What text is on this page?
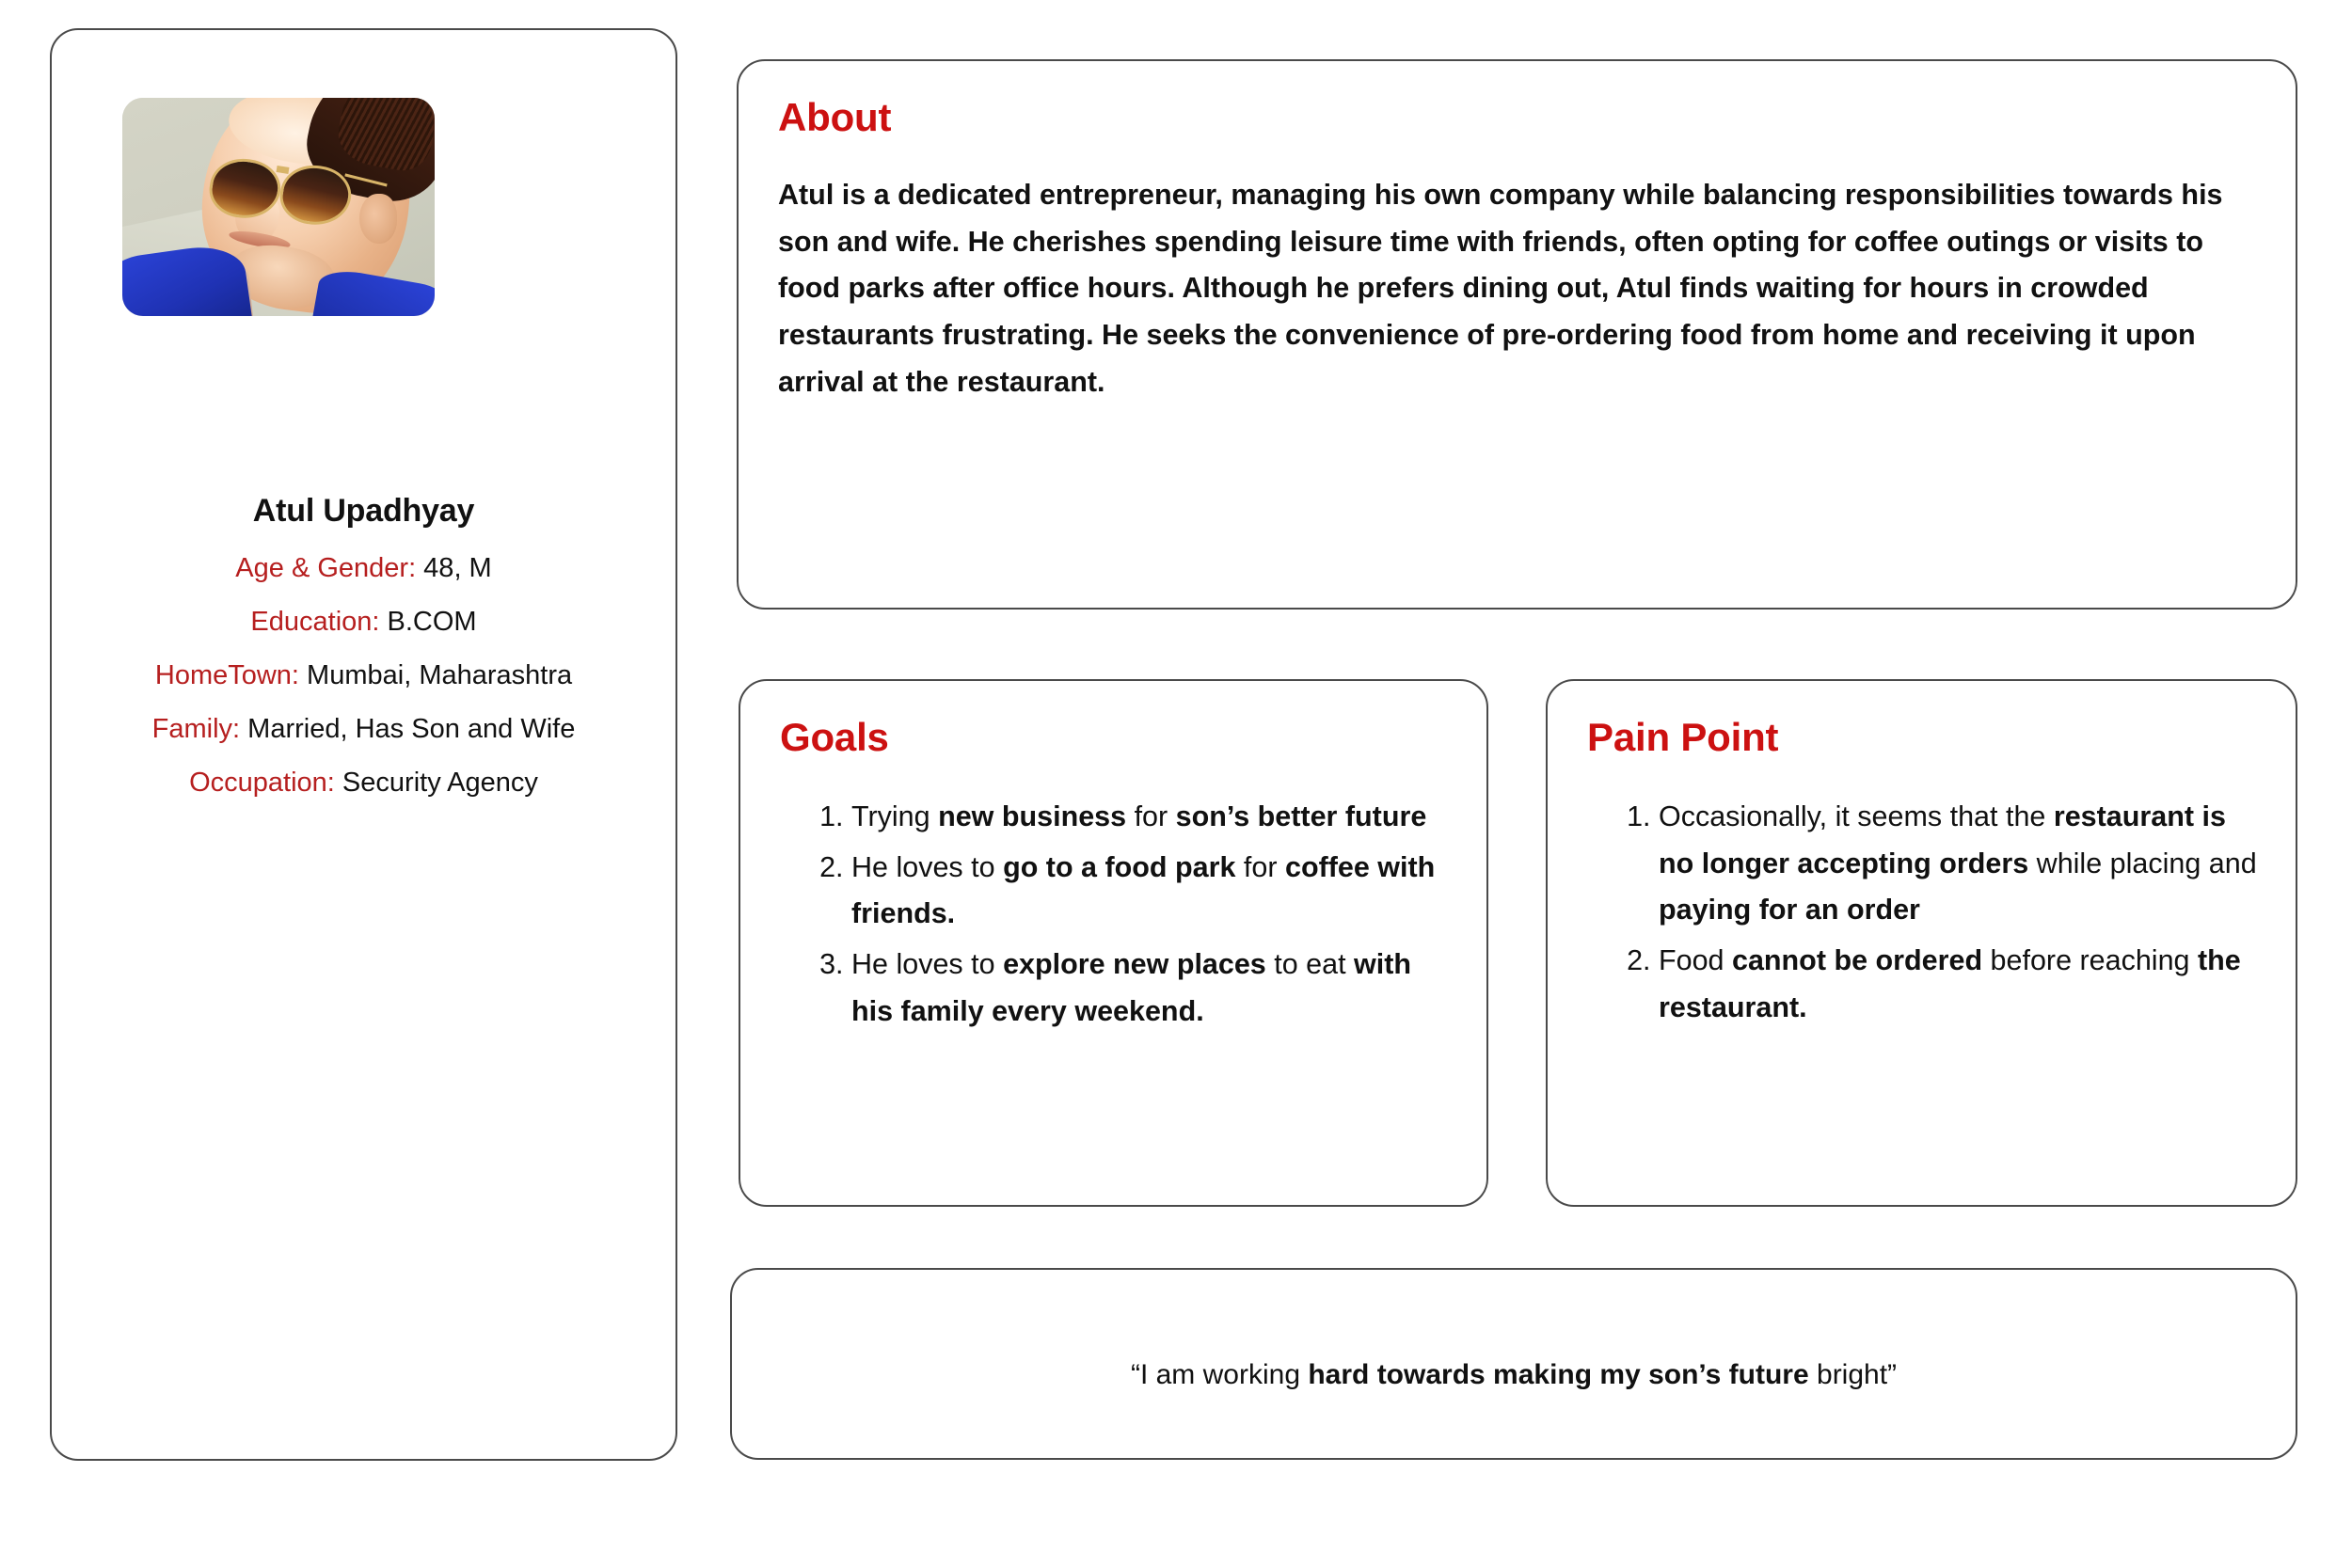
Atul Upadhyay
Age & Gender: 48, M
Education: B.COM
HomeTown: Mumbai, Maharashtra
Family: Married, Has Son and Wife
Occupation: Security Agency
About
Atul is a dedicated entrepreneur, managing his own company while balancing responsibilities towards his son and wife. He cherishes spending leisure time with friends, often opting for coffee outings or visits to food parks after office hours. Although he prefers dining out, Atul finds waiting for hours in crowded restaurants frustrating. He seeks the convenience of pre-ordering food from home and receiving it upon arrival at the restaurant.
Goals
1. Trying new business for son’s better future
2. He loves to go to a food park for coffee with friends.
3. He loves to explore new places to eat with his family every weekend.
Pain Point
1. Occasionally, it seems that the restaurant is no longer accepting orders while placing and paying for an order
2. Food cannot be ordered before reaching the restaurant.
“I am working hard towards making my son’s future bright”
